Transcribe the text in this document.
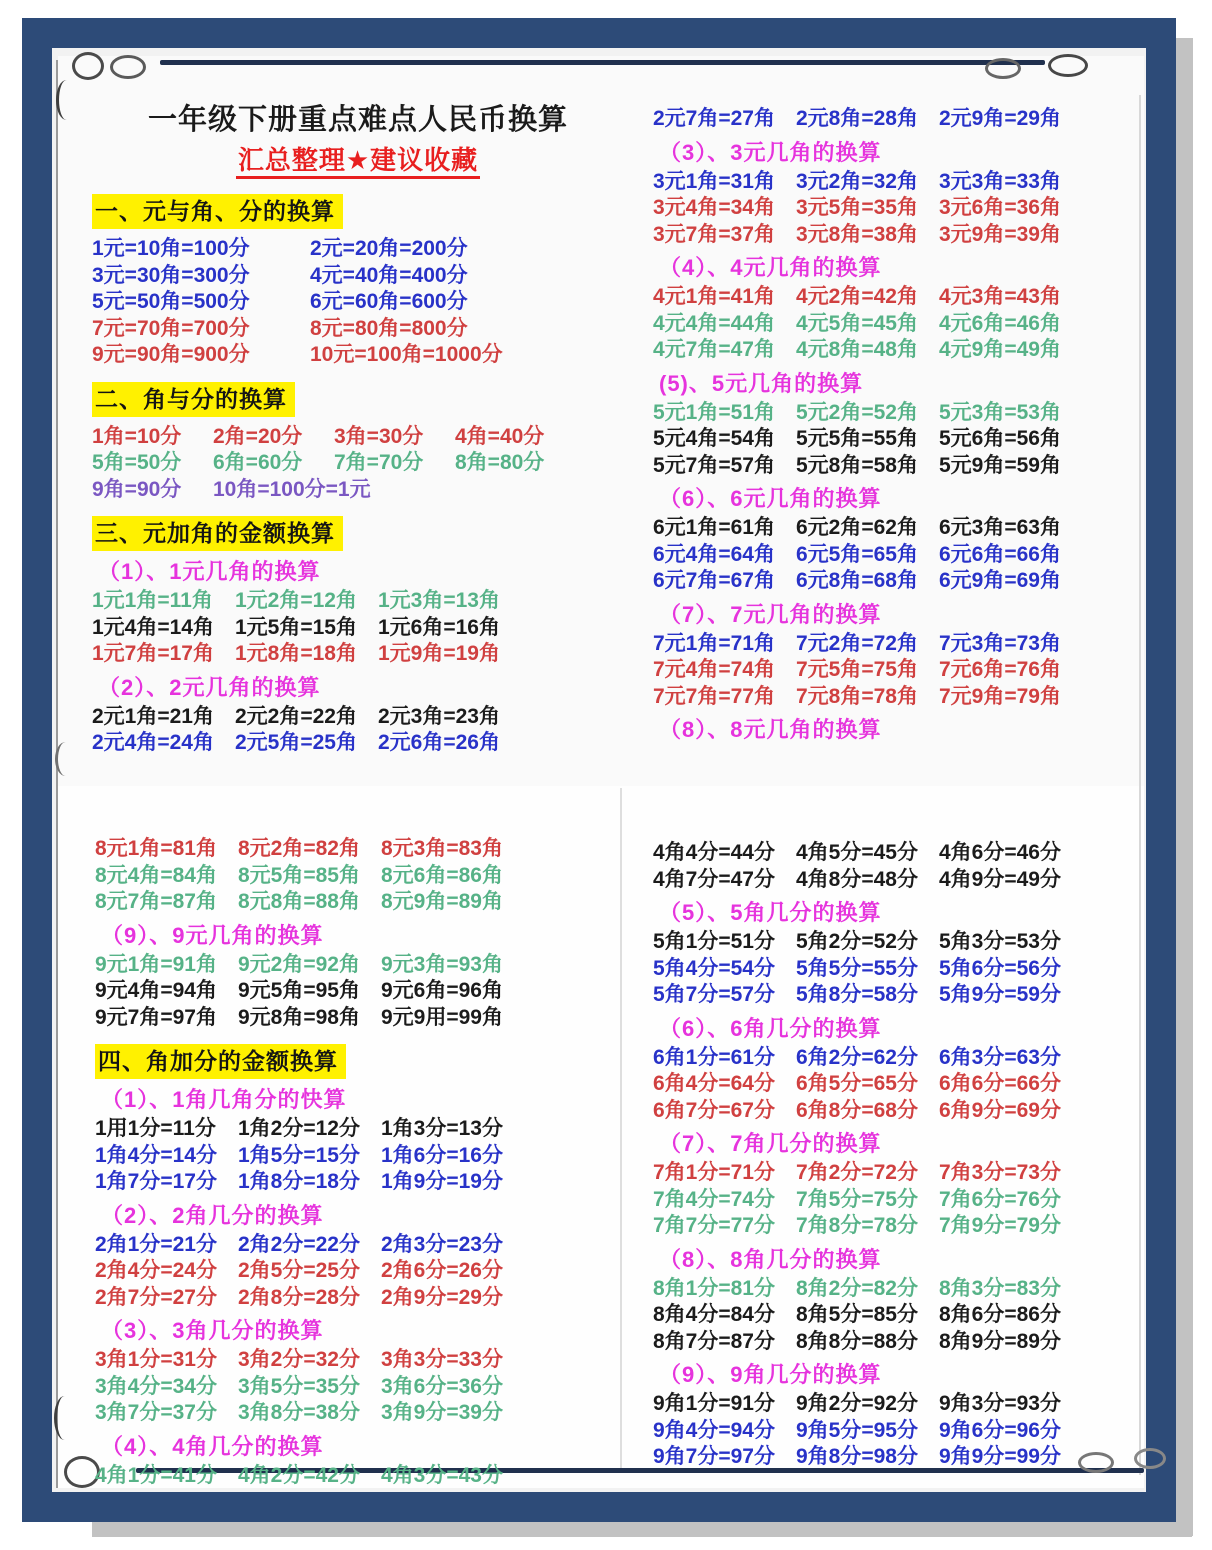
一年级下册重点难点人民币换算
汇总整理★建议收藏
一、元与角、分的换算
1元=10角=100分	2元=20角=200分
3元=30角=300分	4元=40角=400分
5元=50角=500分	6元=60角=600分
7元=70角=700分	8元=80角=800分
9元=90角=900分	10元=100角=1000分
二、角与分的换算
1角=10分	2角=20分	3角=30分	4角=40分
5角=50分	6角=60分	7角=70分	8角=80分
9角=90分	10角=100分=1元
三、元加角的金额换算
（1）、1元几角的换算
1元1角=11角	1元2角=12角	1元3角=13角
1元4角=14角	1元5角=15角	1元6角=16角
1元7角=17角	1元8角=18角	1元9角=19角
（2）、2元几角的换算
2元1角=21角	2元2角=22角	2元3角=23角
2元4角=24角	2元5角=25角	2元6角=26角
2元7角=27角	2元8角=28角	2元9角=29角
（3）、3元几角的换算
3元1角=31角	3元2角=32角	3元3角=33角
3元4角=34角	3元5角=35角	3元6角=36角
3元7角=37角	3元8角=38角	3元9角=39角
（4）、4元几角的换算
4元1角=41角	4元2角=42角	4元3角=43角
4元4角=44角	4元5角=45角	4元6角=46角
4元7角=47角	4元8角=48角	4元9角=49角
(5)、5元几角的换算
5元1角=51角	5元2角=52角	5元3角=53角
5元4角=54角	5元5角=55角	5元6角=56角
5元7角=57角	5元8角=58角	5元9角=59角
（6）、6元几角的换算
6元1角=61角	6元2角=62角	6元3角=63角
6元4角=64角	6元5角=65角	6元6角=66角
6元7角=67角	6元8角=68角	6元9角=69角
（7）、7元几角的换算
7元1角=71角	7元2角=72角	7元3角=73角
7元4角=74角	7元5角=75角	7元6角=76角
7元7角=77角	7元8角=78角	7元9角=79角
（8）、8元几角的换算
8元1角=81角	8元2角=82角	8元3角=83角
8元4角=84角	8元5角=85角	8元6角=86角
8元7角=87角	8元8角=88角	8元9角=89角
（9）、9元几角的换算
9元1角=91角	9元2角=92角	9元3角=93角
9元4角=94角	9元5角=95角	9元6角=96角
9元7角=97角	9元8角=98角	9元9用=99角
四、角加分的金额换算
（1）、1角几角分的快算
1用1分=11分	1角2分=12分	1角3分=13分
1角4分=14分	1角5分=15分	1角6分=16分
1角7分=17分	1角8分=18分	1角9分=19分
（2）、2角几分的换算
2角1分=21分	2角2分=22分	2角3分=23分
2角4分=24分	2角5分=25分	2角6分=26分
2角7分=27分	2角8分=28分	2角9分=29分
（3）、3角几分的换算
3角1分=31分	3角2分=32分	3角3分=33分
3角4分=34分	3角5分=35分	3角6分=36分
3角7分=37分	3角8分=38分	3角9分=39分
（4）、4角几分的换算
4角1分=41分	4角2分=42分	4角3分=43分
4角4分=44分	4角5分=45分	4角6分=46分
4角7分=47分	4角8分=48分	4角9分=49分
（5）、5角几分的换算
5角1分=51分	5角2分=52分	5角3分=53分
5角4分=54分	5角5分=55分	5角6分=56分
5角7分=57分	5角8分=58分	5角9分=59分
（6）、6角几分的换算
6角1分=61分	6角2分=62分	6角3分=63分
6角4分=64分	6角5分=65分	6角6分=66分
6角7分=67分	6角8分=68分	6角9分=69分
（7）、7角几分的换算
7角1分=71分	7角2分=72分	7角3分=73分
7角4分=74分	7角5分=75分	7角6分=76分
7角7分=77分	7角8分=78分	7角9分=79分
（8）、8角几分的换算
8角1分=81分	8角2分=82分	8角3分=83分
8角4分=84分	8角5分=85分	8角6分=86分
8角7分=87分	8角8分=88分	8角9分=89分
（9）、9角几分的换算
9角1分=91分	9角2分=92分	9角3分=93分
9角4分=94分	9角5分=95分	9角6分=96分
9角7分=97分	9角8分=98分	9角9分=99分
